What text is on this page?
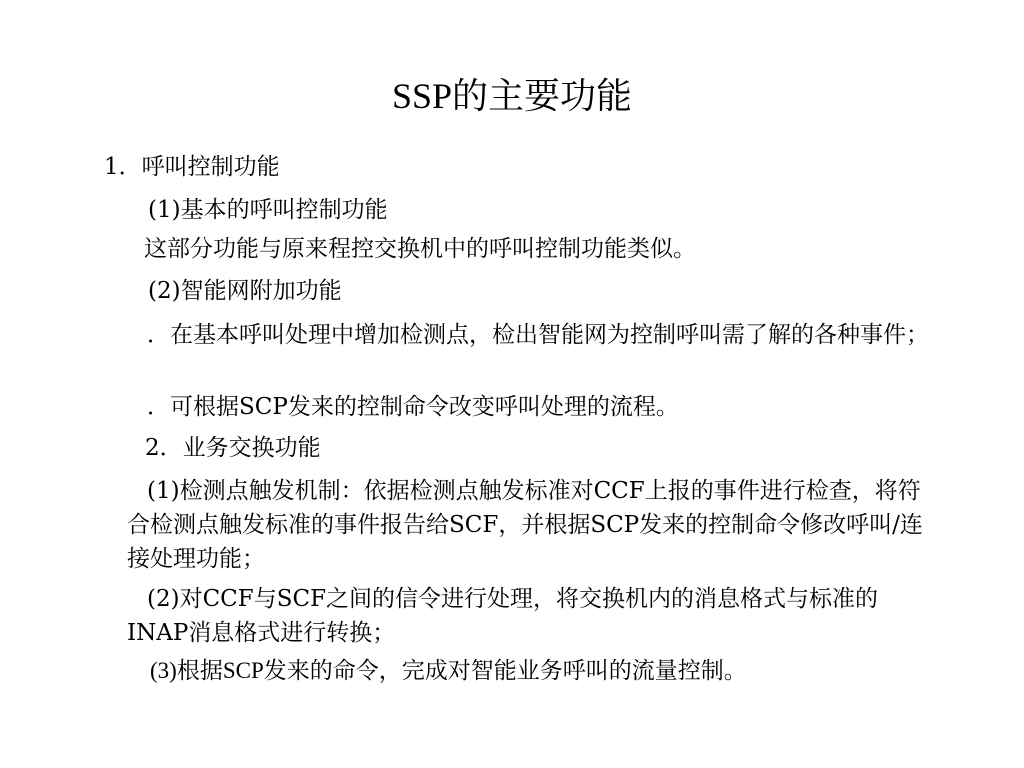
SSP的主要功能
1．呼叫控制功能
(1)基本的呼叫控制功能
这部分功能与原来程控交换机中的呼叫控制功能类似。
(2)智能网附加功能
．在基本呼叫处理中增加检测点，检出智能网为控制呼叫需了解的各种事件；
．可根据SCP发来的控制命令改变呼叫处理的流程。
2．业务交换功能
(1)检测点触发机制：依据检测点触发标准对CCF上报的事件进行检查，将符合检测点触发标准的事件报告给SCF，并根据SCP发来的控制命令修改呼叫/连接处理功能；
(2)对CCF与SCF之间的信令进行处理，将交换机内的消息格式与标准的INAP消息格式进行转换；
(3)根据SCP发来的命令，完成对智能业务呼叫的流量控制。
